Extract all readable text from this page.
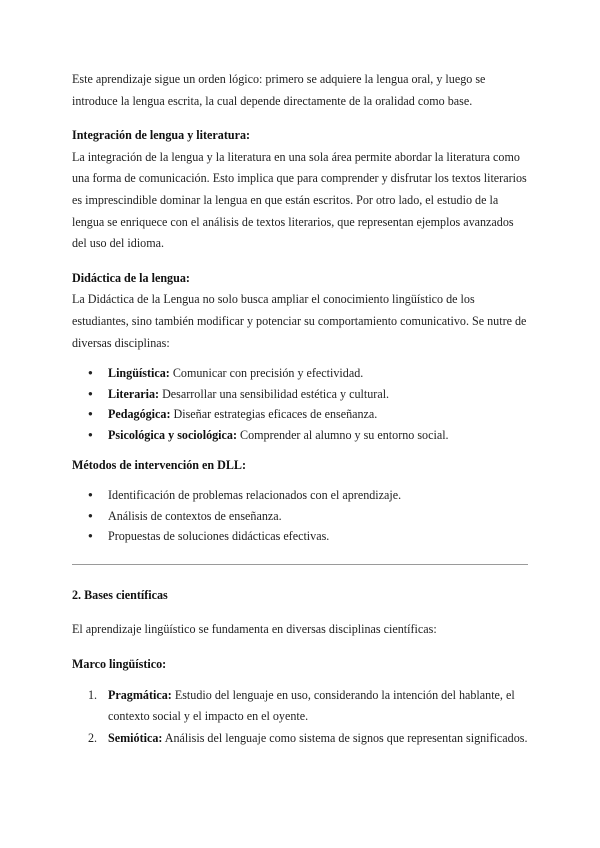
Este aprendizaje sigue un orden lógico: primero se adquiere la lengua oral, y luego se introduce la lengua escrita, la cual depende directamente de la oralidad como base.

Integración de lengua y literatura:

La integración de la lengua y la literatura en una sola área permite abordar la literatura como una forma de comunicación. Esto implica que para comprender y disfrutar los textos literarios es imprescindible dominar la lengua en que están escritos. Por otro lado, el estudio de la lengua se enriquece con el análisis de textos literarios, que representan ejemplos avanzados del uso del idioma.

Didáctica de la lengua:

La Didáctica de la Lengua no solo busca ampliar el conocimiento lingüístico de los estudiantes, sino también modificar y potenciar su comportamiento comunicativo. Se nutre de diversas disciplinas:

● Lingüística: Comunicar con precisión y efectividad.
● Literaria: Desarrollar una sensibilidad estética y cultural.
● Pedagógica: Diseñar estrategias eficaces de enseñanza.
● Psicológica y sociológica: Comprender al alumno y su entorno social.

Métodos de intervención en DLL:

● Identificación de problemas relacionados con el aprendizaje.
● Análisis de contextos de enseñanza.
● Propuestas de soluciones didácticas efectivas.

2. Bases científicas

El aprendizaje lingüístico se fundamenta en diversas disciplinas científicas:

Marco lingüístico:

1. Pragmática: Estudio del lenguaje en uso, considerando la intención del hablante, el contexto social y el impacto en el oyente.
2. Semiótica: Análisis del lenguaje como sistema de signos que representan significados.
